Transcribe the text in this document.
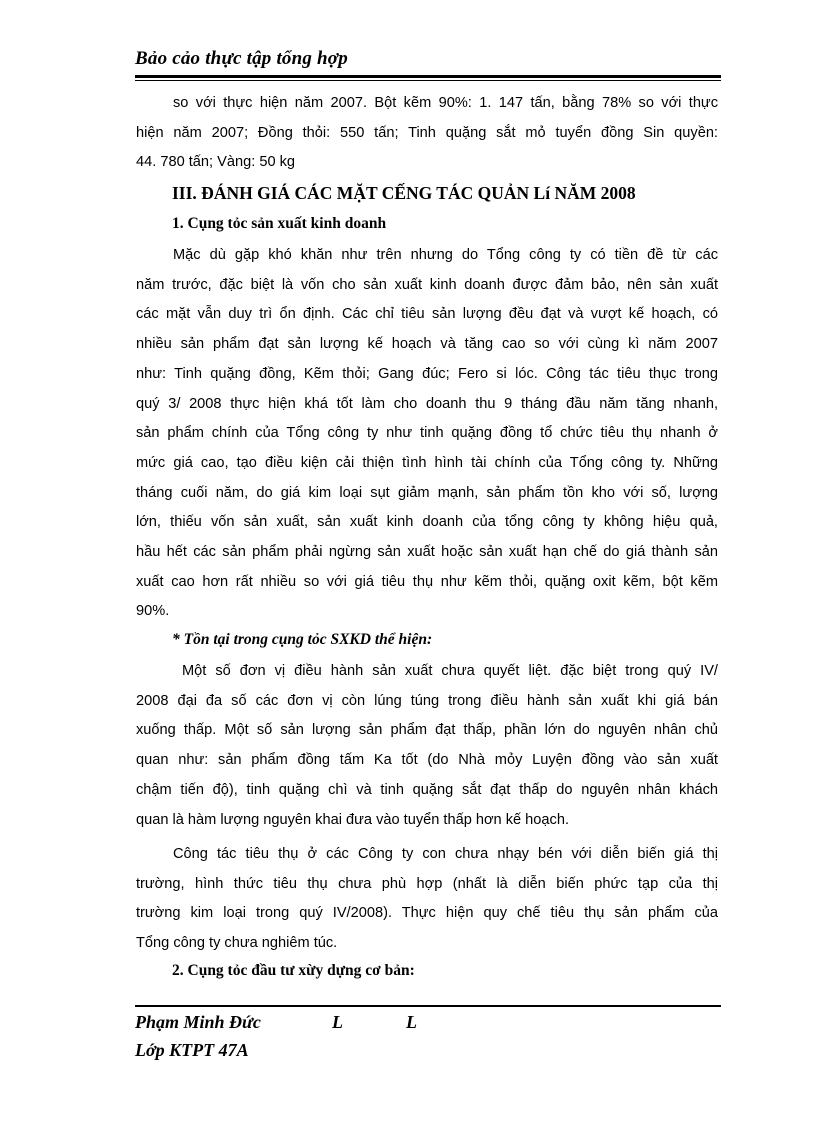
Bảo cảo thực tập tổng hợp
so với thực hiện năm 2007. Bột kẽm 90%: 1. 147 tấn, bằng 78% so với thực
hiện năm 2007; Đồng thỏi: 550 tấn; Tinh quặng sắt mỏ tuyển đồng Sin quyền:
44. 780 tấn; Vàng: 50 kg
III. ĐÁNH GIÁ CÁC MẶT CẾNG TÁC QUẢN Lí NĂM 2008
1. Cụng tỏc sản xuất kinh doanh
Mặc dù gặp khó khăn như trên nhưng do Tổng công ty có tiền đề từ các
năm trước, đặc biệt là vốn cho sản xuất kinh doanh được đảm bảo, nên sản xuất
các mặt vẫn duy trì ổn định. Các chỉ tiêu sản lượng đều đạt và vượt kế hoạch, có
nhiều sản phẩm đạt sản lượng kế hoạch và tăng cao so với cùng kì năm 2007
như: Tinh quặng đồng, Kẽm thỏi; Gang đúc; Fero si lóc. Công tác tiêu thục trong
quý 3/ 2008 thực hiện khá tốt làm cho doanh thu 9 tháng đầu năm tăng nhanh,
sản phẩm chính của Tổng công ty như tinh quặng đồng tổ chức tiêu thụ nhanh ở
mức giá cao, tạo điều kiện cải thiện tình hình tài chính của Tổng công ty. Những
tháng cuối năm, do giá kim loại sụt giảm mạnh, sản phẩm tồn kho với số, lượng
lớn, thiếu vốn sản xuất, sản xuất kinh doanh của tổng công ty không hiệu quả,
hầu hết các sản phẩm phải ngừng sản xuất hoặc sản xuất hạn chế do giá thành sản
xuất cao hơn rất nhiều so với giá tiêu thụ như kẽm thỏi, quặng oxit kẽm, bột kẽm
90%.
* Tồn tại trong cụng tỏc SXKD thể hiện:
Một số đơn vị điều hành sản xuất chưa quyết liệt. đặc biệt trong quý IV/
2008 đại đa số các đơn vị còn lúng túng trong điều hành sản xuất khi giá bán
xuống thấp. Một số sản lượng sản phẩm đạt thấp, phần lớn do nguyên nhân chủ
quan như: sản phẩm đồng tấm Ka tốt (do Nhà mỏy Luyện đồng vào sản xuất
chậm tiến độ), tinh quặng chì và tinh quặng sắt đạt thấp do nguyên nhân khách
quan là hàm lượng nguyên khai đưa vào tuyển thấp hơn kế hoạch.
Công tác tiêu thụ ở các Công ty con chưa nhạy bén với diễn biến giá thị
trường, hình thức tiêu thụ chưa phù hợp (nhất là diễn biến phức tạp của thị
trường kim loại trong quý IV/2008). Thực hiện quy chế tiêu thụ sản phẩm của
Tổng công ty chưa nghiêm túc.
2. Cụng tỏc đầu tư xừy dựng cơ bản:
Phạm Minh Đức	L	L
Lớp KTPT 47A
